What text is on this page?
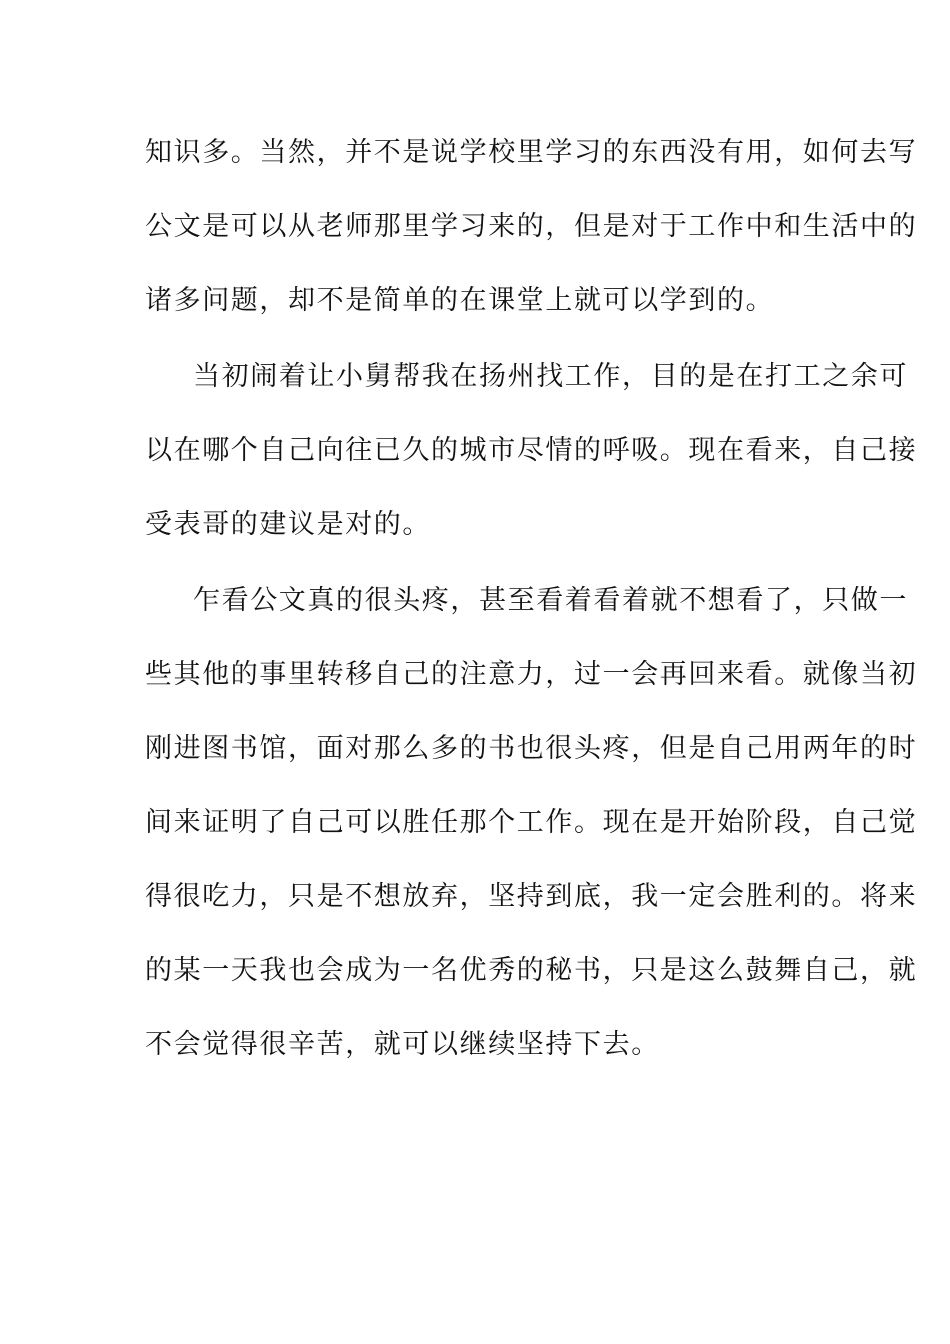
知识多。当然，并不是说学校里学习的东西没有用，如何去写
公文是可以从老师那里学习来的，但是对于工作中和生活中的
诸多问题，却不是简单的在课堂上就可以学到的。
当初闹着让小舅帮我在扬州找工作，目的是在打工之余可
以在哪个自己向往已久的城市尽情的呼吸。现在看来，自己接
受表哥的建议是对的。
乍看公文真的很头疼，甚至看着看着就不想看了，只做一
些其他的事里转移自己的注意力，过一会再回来看。就像当初
刚进图书馆，面对那么多的书也很头疼，但是自己用两年的时
间来证明了自己可以胜任那个工作。现在是开始阶段，自己觉
得很吃力，只是不想放弃，坚持到底，我一定会胜利的。将来
的某一天我也会成为一名优秀的秘书，只是这么鼓舞自己，就
不会觉得很辛苦，就可以继续坚持下去。
